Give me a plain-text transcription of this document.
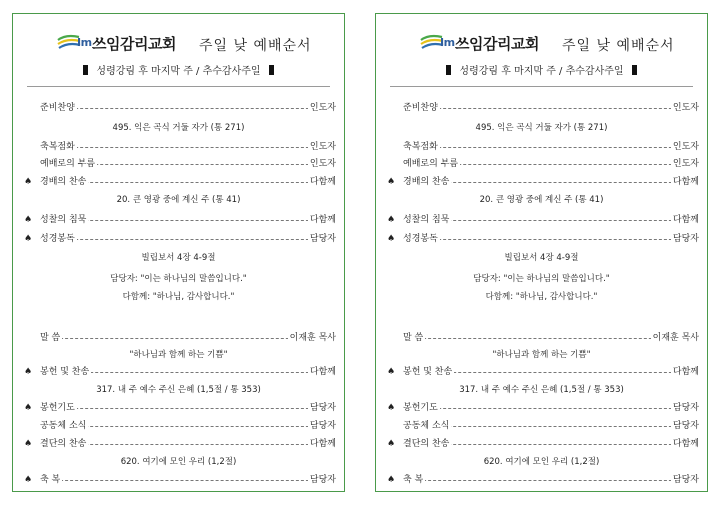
Im 쓰임감리교회 주일 낮 예배순서
성령강림 후 마지막 주 / 추수감사주일
준비찬양	인도자
495. 익은 곡식 거둘 자가 (통 271)
축복점화	인도자
예배로의 부름	인도자
♠ 경배의 찬송	다함께
20. 큰 영광 중에 계신 주 (통 41)
♠ 성찰의 침묵	다함께
♠ 성경봉독	담당자
빌립보서 4장 4-9절
담당자: "이는 하나님의 말씀입니다."
다함께: "하나님, 감사합니다."
말 씀	이재훈 목사
"하나님과 함께 하는 기쁨"
♠ 봉헌 및 찬송	다함께
317. 내 주 예수 주신 은혜 (1,5절 / 통 353)
♠ 봉헌기도	담당자
공동체 소식	담당자
♠ 결단의 찬송	다함께
620. 여기에 모인 우리 (1,2절)
♠ 축 복	담당자
Im 쓰임감리교회 주일 낮 예배순서
성령강림 후 마지막 주 / 추수감사주일
준비찬양	인도자
495. 익은 곡식 거둘 자가 (통 271)
축복점화	인도자
예배로의 부름	인도자
♠ 경배의 찬송	다함께
20. 큰 영광 중에 계신 주 (통 41)
♠ 성찰의 침묵	다함께
♠ 성경봉독	담당자
빌립보서 4장 4-9절
담당자: "이는 하나님의 말씀입니다."
다함께: "하나님, 감사합니다."
말 씀	이재훈 목사
"하나님과 함께 하는 기쁨"
♠ 봉헌 및 찬송	다함께
317. 내 주 예수 주신 은혜 (1,5절 / 통 353)
♠ 봉헌기도	담당자
공동체 소식	담당자
♠ 결단의 찬송	다함께
620. 여기에 모인 우리 (1,2절)
♠ 축 복	담당자
